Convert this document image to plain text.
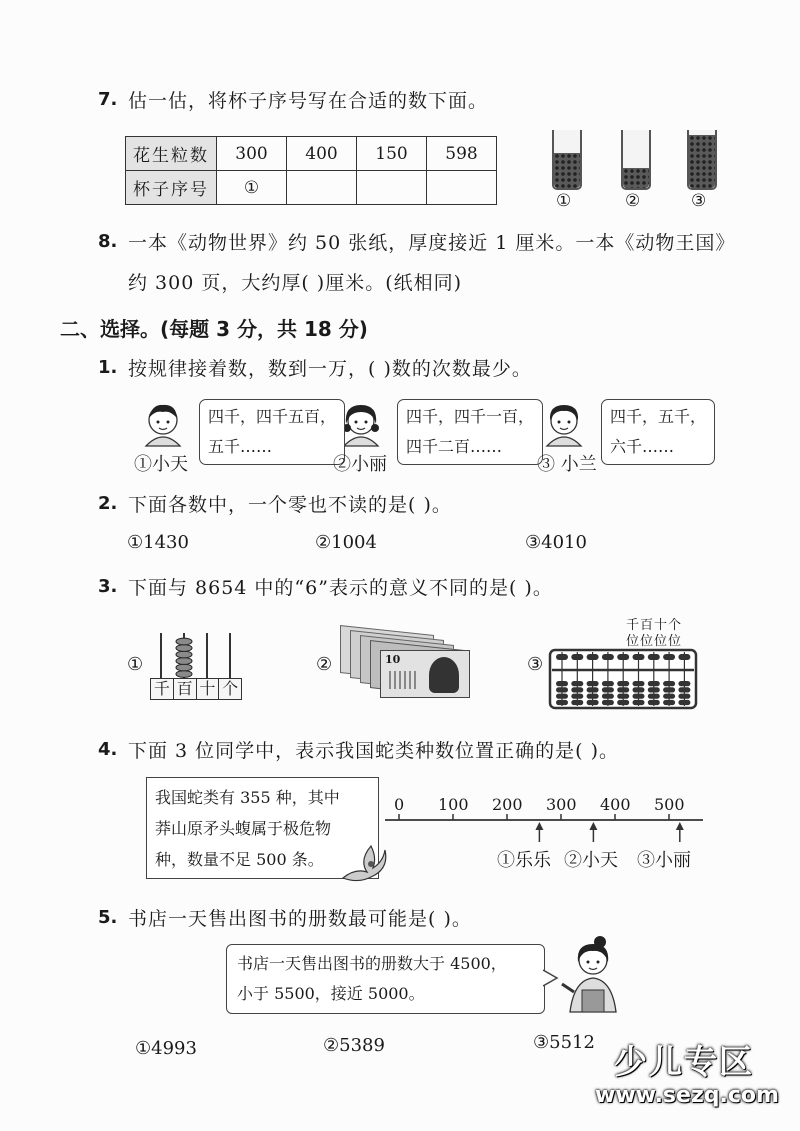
7. 估一估，将杯子序号写在合适的数下面。
花生粒数	300	400	150	598
杯子序号	①			
①	②	③
8. 一本《动物世界》约 50 张纸，厚度接近 1 厘米。一本《动物王国》
约 300 页，大约厚( )厘米。(纸相同)
二、选择。(每题 3 分，共 18 分)
1. 按规律接着数，数到一万，( )数的次数最少。
四千，四千五百，
五千……
四千，四千一百，
四千二百……
四千，五千，
六千……
①小天	②小丽	③ 小兰
2. 下面各数中，一个零也不读的是( )。
①1430	②1004	③4010
3. 下面与 8654 中的“6”表示的意义不同的是( )。
①	②	③
千 百 十 个
10
千百十个
位位位位
4. 下面 3 位同学中，表示我国蛇类种数位置正确的是( )。
我国蛇类有 355 种，其中
莽山原矛头蝮属于极危物
种，数量不足 500 条。
0 100 200 300 400 500
①乐乐 ②小天 ③小丽
5. 书店一天售出图书的册数最可能是( )。
书店一天售出图书的册数大于 4500，
小于 5500，接近 5000。
①4993	②5389	③5512 少儿专区
www.sezq.com
